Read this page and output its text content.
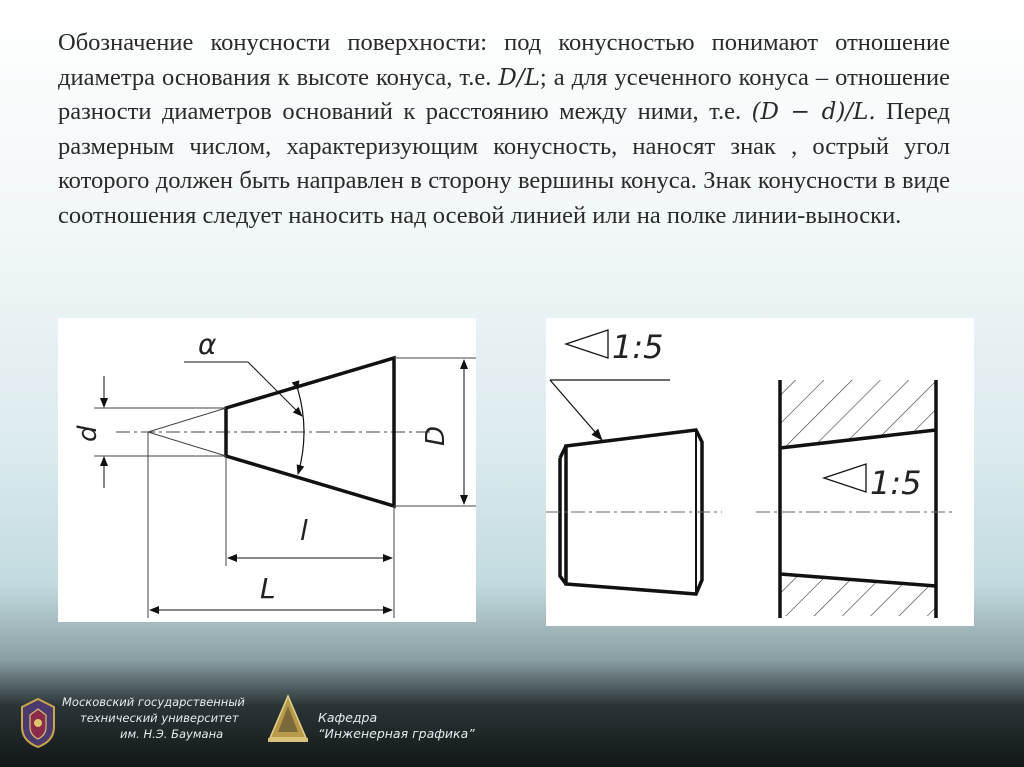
Обозначение конусности поверхности: под конусностью понимают отношение диаметра основания к высоте конуса, т.е. D/L; а для усеченного конуса – отношение разности диаметров оснований к расстоянию между ними, т.е. (D − d)/L. Перед размерным числом, характеризующим конусность, наносят знак , острый угол которого должен быть направлен в сторону вершины конуса. Знак конусности в виде соотношения следует наносить над осевой линией или на полке линии-выноски.

α
d	D
l
L
1:5
1:5
Московский государственный
технический университет
им. Н.Э. Баумана
Кафедра
“Инженерная графика”
